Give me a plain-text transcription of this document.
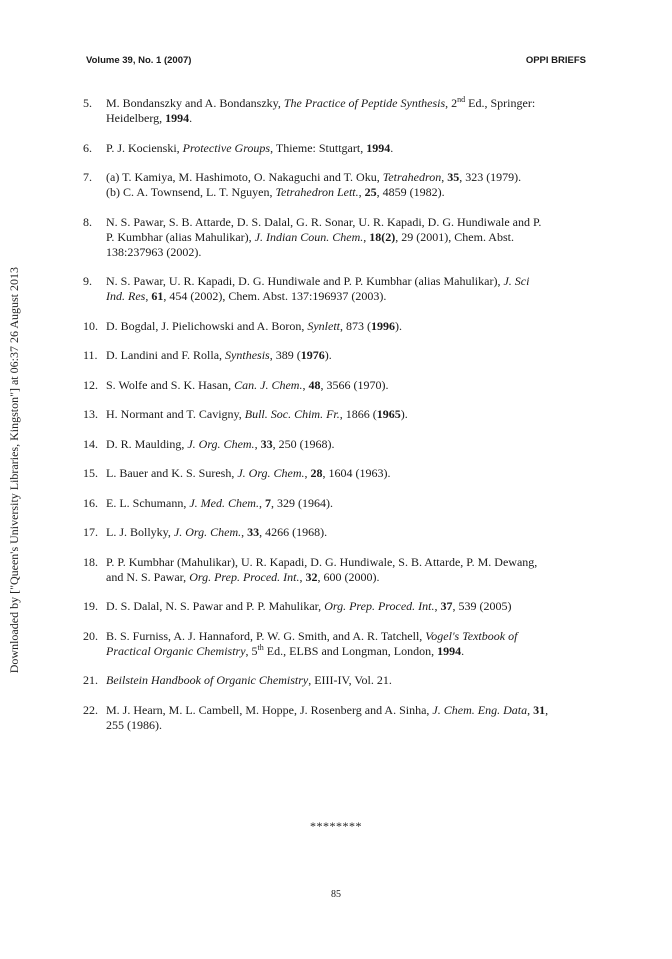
Volume 39, No. 1 (2007)	OPPI BRIEFS
Downloaded by ["Queen's University Libraries, Kingston"] at 06:37 26 August 2013
5.	M. Bondanszky and A. Bondanszky, The Practice of Peptide Synthesis, 2nd Ed., Springer:
Heidelberg, 1994.
6.	P. J. Kocienski, Protective Groups, Thieme: Stuttgart, 1994.
7.	(a) T. Kamiya, M. Hashimoto, O. Nakaguchi and T. Oku, Tetrahedron, 35, 323 (1979).
(b) C. A. Townsend, L. T. Nguyen, Tetrahedron Lett., 25, 4859 (1982).
8.	N. S. Pawar, S. B. Attarde, D. S. Dalal, G. R. Sonar, U. R. Kapadi, D. G. Hundiwale and P.
P. Kumbhar (alias Mahulikar), J. Indian Coun. Chem., 18(2), 29 (2001), Chem. Abst.
138:237963 (2002).
9.	N. S. Pawar, U. R. Kapadi, D. G. Hundiwale and P. P. Kumbhar (alias Mahulikar), J. Sci
Ind. Res, 61, 454 (2002), Chem. Abst. 137:196937 (2003).
10. D. Bogdal, J. Pielichowski and A. Boron, Synlett, 873 (1996).
11. D. Landini and F. Rolla, Synthesis, 389 (1976).
12. S. Wolfe and S. K. Hasan, Can. J. Chem., 48, 3566 (1970).
13. H. Normant and T. Cavigny, Bull. Soc. Chim. Fr., 1866 (1965).
14. D. R. Maulding, J. Org. Chem., 33, 250 (1968).
15. L. Bauer and K. S. Suresh, J. Org. Chem., 28, 1604 (1963).
16. E. L. Schumann, J. Med. Chem., 7, 329 (1964).
17. L. J. Bollyky, J. Org. Chem., 33, 4266 (1968).
18. P. P. Kumbhar (Mahulikar), U. R. Kapadi, D. G. Hundiwale, S. B. Attarde, P. M. Dewang,
and N. S. Pawar, Org. Prep. Proced. Int., 32, 600 (2000).
19. D. S. Dalal, N. S. Pawar and P. P. Mahulikar, Org. Prep. Proced. Int., 37, 539 (2005)
20. B. S. Furniss, A. J. Hannaford, P. W. G. Smith, and A. R. Tatchell, Vogel's Textbook of
Practical Organic Chemistry, 5th Ed., ELBS and Longman, London, 1994.
21. Beilstein Handbook of Organic Chemistry, EIII-IV, Vol. 21.
22. M. J. Hearn, M. L. Cambell, M. Hoppe, J. Rosenberg and A. Sinha, J. Chem. Eng. Data, 31,
255 (1986).
********
85
